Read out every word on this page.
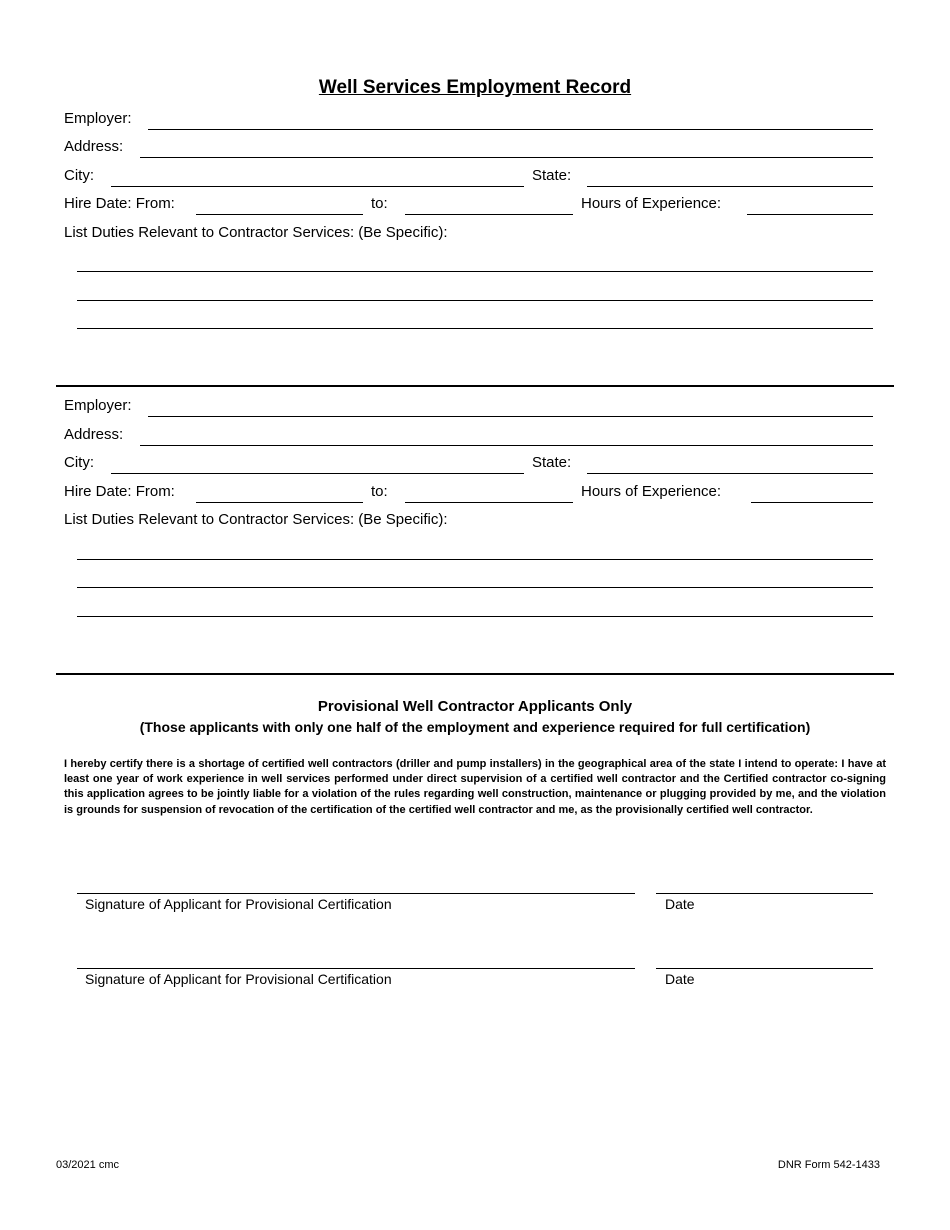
Well Services Employment Record
Employer:
Address:
City:	State:
Hire Date: From:	to:	Hours of Experience:
List Duties Relevant to Contractor Services: (Be Specific):
Employer:
Address:
City:	State:
Hire Date: From:	to:	Hours of Experience:
List Duties Relevant to Contractor Services: (Be Specific):
Provisional Well Contractor Applicants Only
(Those applicants with only one half of the employment and experience required for full certification)
I hereby certify there is a shortage of certified well contractors (driller and pump installers) in the geographical area of the state I intend to operate: I have at least one year of work experience in well services performed under direct supervision of a certified well contractor and the Certified contractor co-signing this application agrees to be jointly liable for a violation of the rules regarding well construction, maintenance or plugging provided by me, and the violation is grounds for suspension of revocation of the certification of the certified well contractor and me, as the provisionally certified well contractor.
Signature of Applicant for Provisional Certification	Date
Signature of Applicant for Provisional Certification	Date
03/2021 cmc	DNR Form 542-1433
